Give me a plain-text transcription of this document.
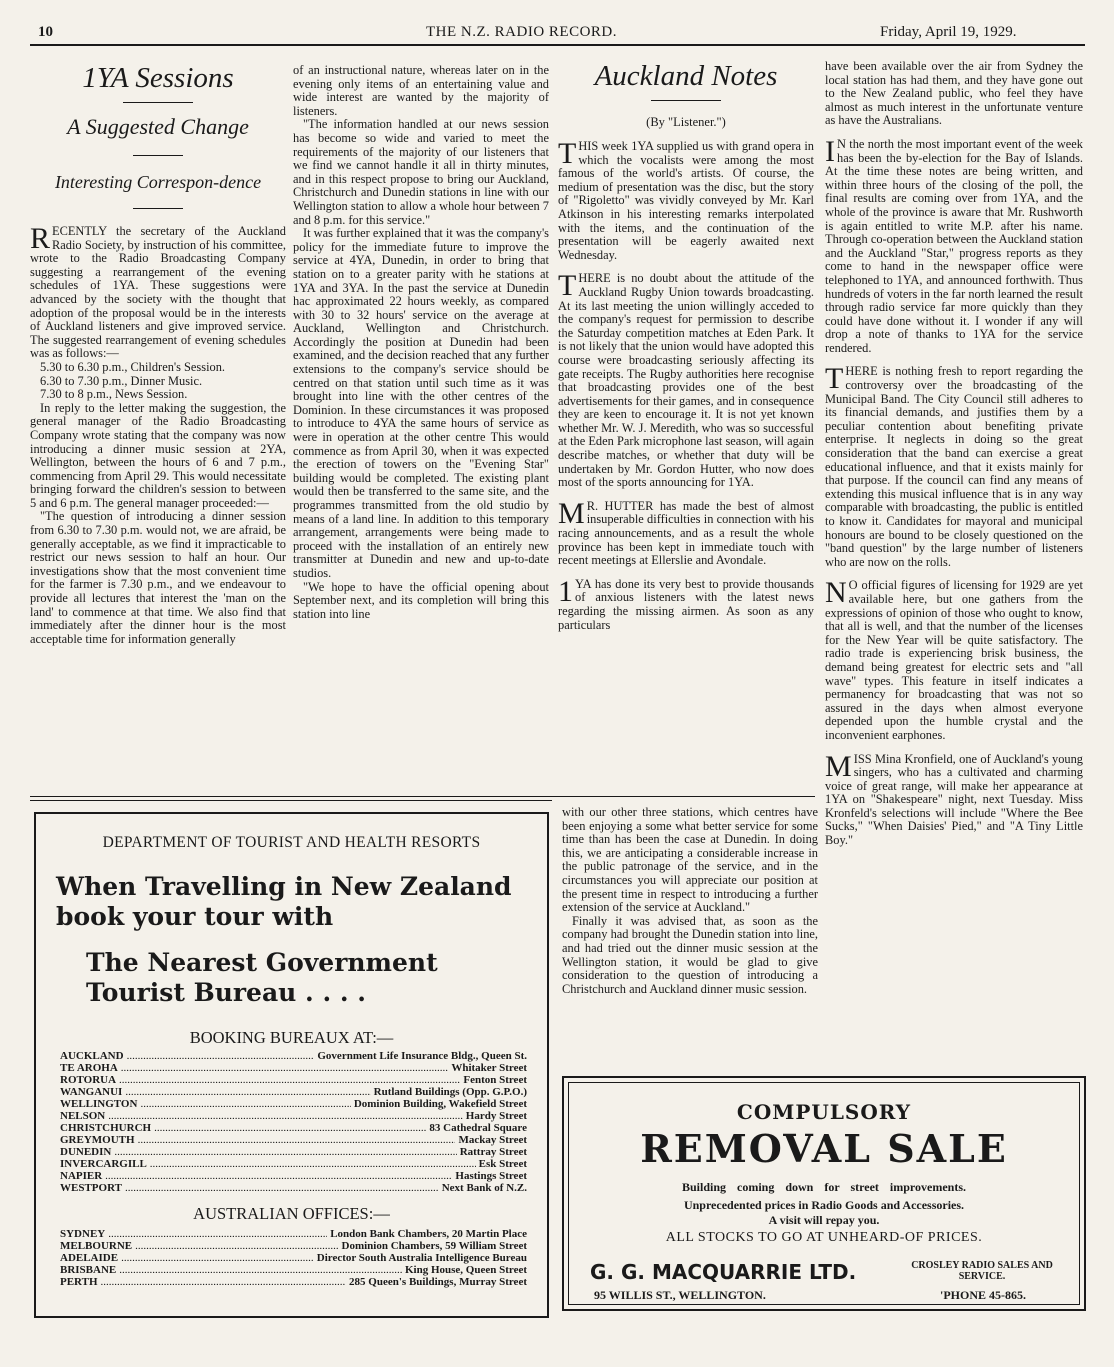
10	THE N.Z. RADIO RECORD.	Friday, April 19, 1929.
1YA Sessions
A Suggested Change
Interesting Correspon-dence

RECENTLY the secretary of the Auckland Radio Society, by instruction of his committee, wrote to the Radio Broadcasting Company suggesting a rearrangement of the evening schedules of 1YA. These suggestions were advanced by the society with the thought that adoption of the proposal would be in the interests of Auckland listeners and give improved service. The suggested rearrangement of evening schedules was as follows:—

5.30 to 6.30 p.m., Children's Session.

6.30 to 7.30 p.m., Dinner Music.

7.30 to 8 p.m., News Session.

In reply to the letter making the suggestion, the general manager of the Radio Broadcasting Company wrote stating that the company was now introducing a dinner music session at 2YA, Wellington, between the hours of 6 and 7 p.m., commencing from April 29. This would necessitate bringing forward the children's session to between 5 and 6 p.m. The general manager proceeded:—

"The question of introducing a dinner session from 6.30 to 7.30 p.m. would not, we are afraid, be generally acceptable, as we find it impracticable to restrict our news session to half an hour. Our investigations show that the most convenient time for the farmer is 7.30 p.m., and we endeavour to provide all lectures that interest the 'man on the land' to commence at that time. We also find that immediately after the dinner hour is the most acceptable time for information generally

of an instructional nature, whereas later on in the evening only items of an entertaining value and wide interest are wanted by the majority of listeners.

"The information handled at our news session has become so wide and varied to meet the requirements of the majority of our listeners that we find we cannot handle it all in thirty minutes, and in this respect propose to bring our Auckland, Christchurch and Dunedin stations in line with our Wellington station to allow a whole hour between 7 and 8 p.m. for this service."

It was further explained that it was the company's policy for the immediate future to improve the service at 4YA, Dunedin, in order to bring that station on to a greater parity with he stations at 1YA and 3YA. In the past the service at Dunedin hac approximated 22 hours weekly, as compared with 30 to 32 hours' service on the average at Auckland, Wellington and Christchurch. Accordingly the position at Dunedin had been examined, and the decision reached that any further extensions to the company's service should be centred on that station until such time as it was brought into line with the other centres of the Dominion. In these circumstances it was proposed to introduce to 4YA the same hours of service as were in operation at the other centre This would commence as from April 30, when it was expected the erection of towers on the "Evening Star" building would be completed. The existing plant would then be transferred to the same site, and the programmes transmitted from the old studio by means of a land line. In addition to this temporary arrangement, arrangements were being made to proceed with the installation of an entirely new transmitter at Dunedin and new and up-to-date studios.

"We hope to have the official opening about September next, and its completion will bring this station into line

Auckland Notes
(By "Listener.")

THIS week 1YA supplied us with grand opera in which the vocalists were among the most famous of the world's artists. Of course, the medium of presentation was the disc, but the story of "Rigoletto" was vividly conveyed by Mr. Karl Atkinson in his interesting remarks interpolated with the items, and the continuation of the presentation will be eagerly awaited next Wednesday.

THERE is no doubt about the attitude of the Auckland Rugby Union towards broadcasting. At its last meeting the union willingly acceded to the company's request for permission to describe the Saturday competition matches at Eden Park. It is not likely that the union would have adopted this course were broadcasting seriously affecting its gate receipts. The Rugby authorities here recognise that broadcasting provides one of the best advertisements for their games, and in consequence they are keen to encourage it. It is not yet known whether Mr. W. J. Meredith, who was so successful at the Eden Park microphone last season, will again describe matches, or whether that duty will be undertaken by Mr. Gordon Hutter, who now does most of the sports announcing for 1YA.

M R. HUTTER has made the best of almost insuperable difficulties in connection with his racing announcements, and as a result the whole province has been kept in immediate touch with recent meetings at Ellerslie and Avondale.

1 YA has done its very best to provide thousands of anxious listeners with the latest news regarding the missing airmen. As soon as any particulars

with our other three stations, which centres have been enjoying a some what better service for some time than has been the case at Dunedin. In doing this, we are anticipating a considerable increase in the public patronage of the service, and in the circumstances you will appreciate our position at the present time in respect to introducing a further extension of the service at Auckland."

Finally it was advised that, as soon as the company had brought the Dunedin station into line, and had tried out the dinner music session at the Wellington station, it would be glad to give consideration to the question of introducing a Christchurch and Auckland dinner music session.

have been available over the air from Sydney the local station has had them, and they have gone out to the New Zealand public, who feel they have almost as much interest in the unfortunate venture as have the Australians.

I N the north the most important event of the week has been the by-election for the Bay of Islands. At the time these notes are being written, and within three hours of the closing of the poll, the final results are coming over from 1YA, and the whole of the province is aware that Mr. Rushworth is again entitled to write M.P. after his name. Through co-operation between the Auckland station and the Auckland "Star," progress reports as they come to hand in the newspaper office were telephoned to 1YA, and announced forthwith. Thus hundreds of voters in the far north learned the result through radio service far more quickly than they could have done without it. I wonder if any will drop a note of thanks to 1YA for the service rendered.

THERE is nothing fresh to report regarding the controversy over the broadcasting of the Municipal Band. The City Council still adheres to its financial demands, and justifies them by a peculiar contention about benefiting private enterprise. It neglects in doing so the great consideration that the band can exercise a great educational influence, and that it exists mainly for that purpose. If the council can find any means of extending this musical influence that is in any way comparable with broadcasting, the public is entitled to know it. Candidates for mayoral and municipal honours are bound to be closely questioned on the "band question" by the large number of listeners who are now on the rolls.

N O official figures of licensing for 1929 are yet available here, but one gathers from the expressions of opinion of those who ought to know, that all is well, and that the number of the licenses for the New Year will be quite satisfactory. The radio trade is experiencing brisk business, the demand being greatest for electric sets and "all wave" types. This feature in itself indicates a permanency for broadcasting that was not so assured in the days when almost everyone depended upon the humble crystal and the inconvenient earphones.

MISS Mina Kronfield, one of Auckland's young singers, who has a cultivated and charming voice of great range, will make her appearance at 1YA on "Shakespeare" night, next Tuesday. Miss Kronfeld's selections will include "Where the Bee Sucks," "When Daisies' Pied," and "A Tiny Little Boy."

DEPARTMENT OF TOURIST AND HEALTH RESORTS
When Travelling in New Zealand book your tour with
The Nearest Government Tourist Bureau . . . .
BOOKING BUREAUX AT:—
AUCKLAND .....	Government Life Insurance Bldg., Queen St.
TE AROHA .....	Whitaker Street
ROTORUA .....	Fenton Street
WANGANUI .....	Rutland Buildings (Opp. G.P.O.)
WELLINGTON .....	Dominion Building, Wakefield Street
NELSON .....	Hardy Street
CHRISTCHURCH .....	83 Cathedral Square
GREYMOUTH .....	Mackay Street
DUNEDIN .....	Rattray Street
INVERCARGILL .....	Esk Street
NAPIER .....	Hastings Street
WESTPORT .....	Next Bank of N.Z.
AUSTRALIAN OFFICES:—
SYDNEY .....	London Bank Chambers, 20 Martin Place
MELBOURNE .....	Dominion Chambers, 59 William Street
ADELAIDE .....	Director South Australia Intelligence Bureau
BRISBANE .....	King House, Queen Street
PERTH .....	285 Queen's Buildings, Murray Street
COMPULSORY
REMOVAL SALE
Building coming down for street improvements.
Unprecedented prices in Radio Goods and Accessories.
A visit will repay you.
ALL STOCKS TO GO AT UNHEARD-OF PRICES.
G. G. MACQUARRIE LTD.	CROSLEY RADIO SALES AND SERVICE.
95 WILLIS ST., WELLINGTON.	'PHONE 45-865.
